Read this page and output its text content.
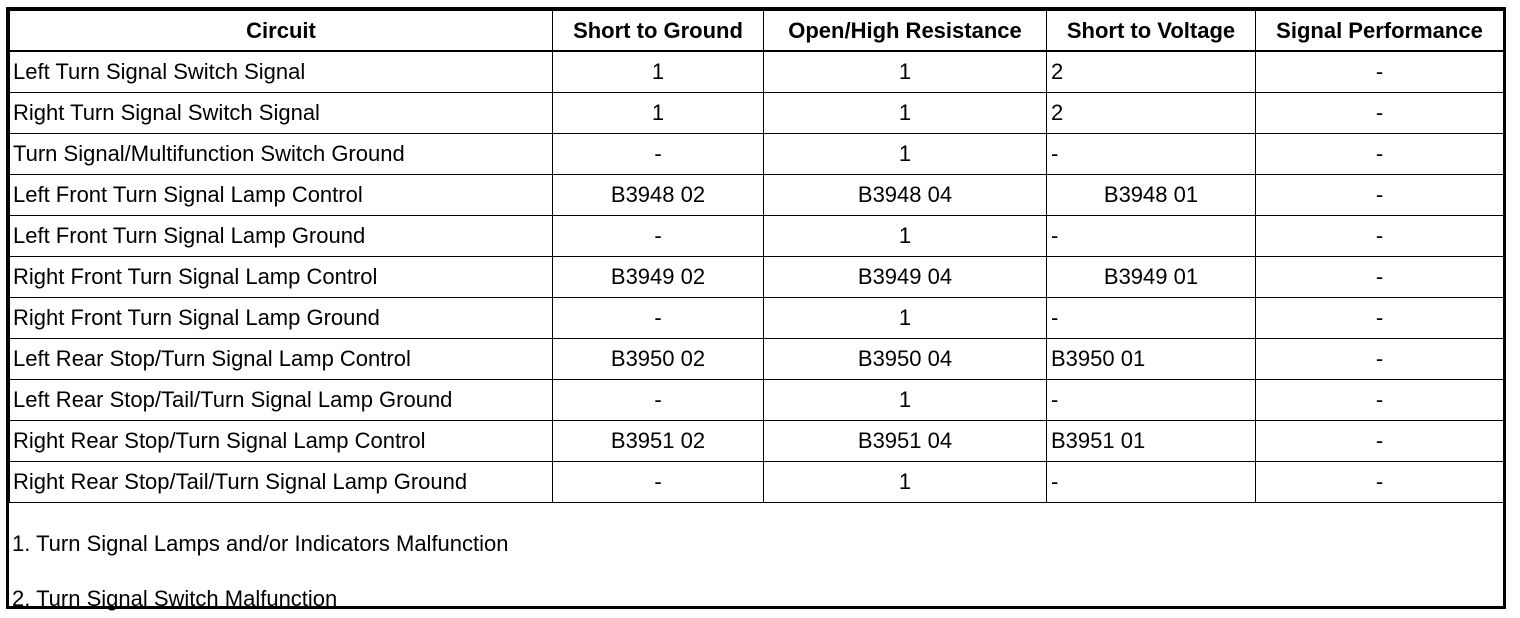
Circuit	Short to Ground	Open/High Resistance	Short to Voltage	Signal Performance
Left Turn Signal Switch Signal	1	1	2	-
Right Turn Signal Switch Signal	1	1	2	-
Turn Signal/Multifunction Switch Ground	-	1	-	-
Left Front Turn Signal Lamp Control	B3948 02	B3948 04	B3948 01	-
Left Front Turn Signal Lamp Ground	-	1	-	-
Right Front Turn Signal Lamp Control	B3949 02	B3949 04	B3949 01	-
Right Front Turn Signal Lamp Ground	-	1	-	-
Left Rear Stop/Turn Signal Lamp Control	B3950 02	B3950 04	B3950 01	-
Left Rear Stop/Tail/Turn Signal Lamp Ground	-	1	-	-
Right Rear Stop/Turn Signal Lamp Control	B3951 02	B3951 04	B3951 01	-
Right Rear Stop/Tail/Turn Signal Lamp Ground	-	1	-	-
1. Turn Signal Lamps and/or Indicators Malfunction
2. Turn Signal Switch Malfunction
